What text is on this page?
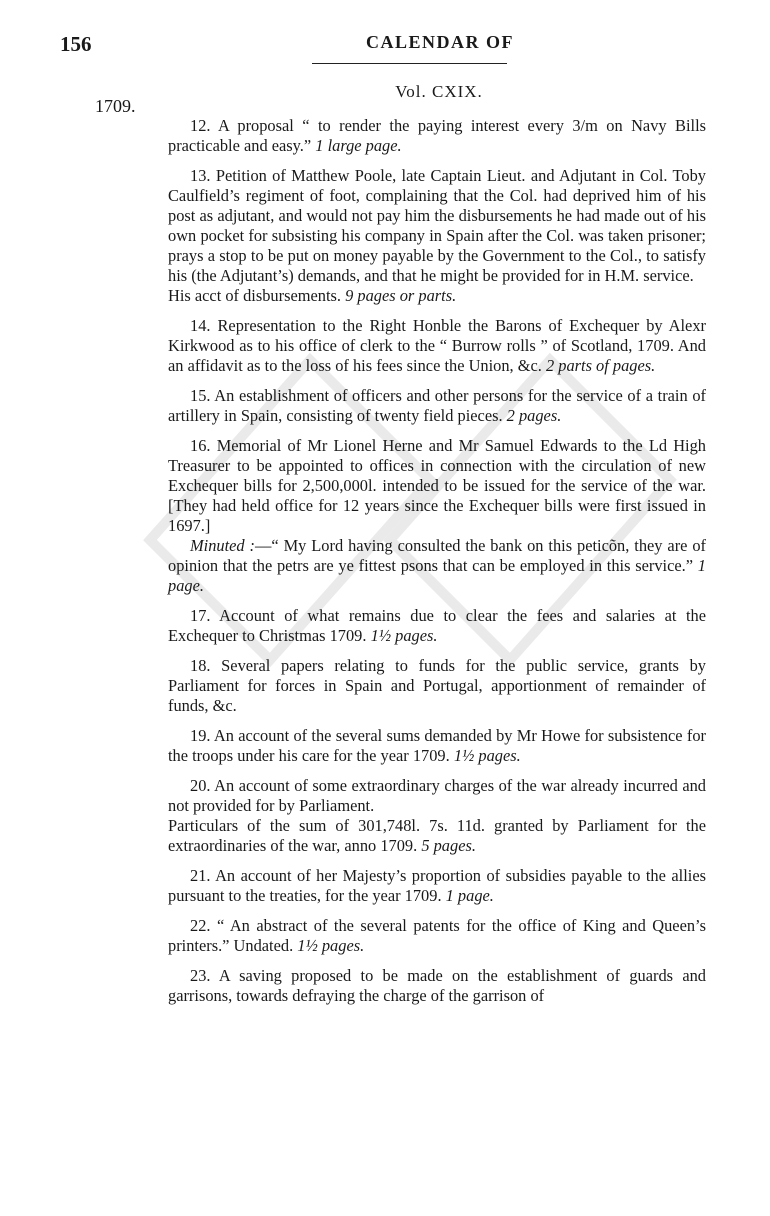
156	CALENDAR OF
Vol. CXIX.
1709.

12. A proposal “ to render the paying interest every 3/m on Navy Bills practicable and easy.” 1 large page.

13. Petition of Matthew Poole, late Captain Lieut. and Adjutant in Col. Toby Caulfield’s regiment of foot, complaining that the Col. had deprived him of his post as adjutant, and would not pay him the disbursements he had made out of his own pocket for subsisting his company in Spain after the Col. was taken prisoner; prays a stop to be put on money payable by the Government to the Col., to satisfy his (the Adjutant’s) demands, and that he might be provided for in H.M. service.

His acct of disbursements. 9 pages or parts.

14. Representation to the Right Honble the Barons of Exchequer by Alexr Kirkwood as to his office of clerk to the “ Burrow rolls ” of Scotland, 1709. And an affidavit as to the loss of his fees since the Union, &c. 2 parts of pages.

15. An establishment of officers and other persons for the service of a train of artillery in Spain, consisting of twenty field pieces. 2 pages.

16. Memorial of Mr Lionel Herne and Mr Samuel Edwards to the Ld High Treasurer to be appointed to offices in connection with the circulation of new Exchequer bills for 2,500,000l. intended to be issued for the service of the war. [They had held office for 12 years since the Exchequer bills were first issued in 1697.]

Minuted :—“ My Lord having consulted the bank on this peticõn, they are of opinion that the petrs are ye fittest psons that can be employed in this service.” 1 page.

17. Account of what remains due to clear the fees and salaries at the Exchequer to Christmas 1709. 1½ pages.

18. Several papers relating to funds for the public service, grants by Parliament for forces in Spain and Portugal, apportionment of remainder of funds, &c.

19. An account of the several sums demanded by Mr Howe for subsistence for the troops under his care for the year 1709. 1½ pages.

20. An account of some extraordinary charges of the war already incurred and not provided for by Parliament.

Particulars of the sum of 301,748l. 7s. 11d. granted by Parliament for the extraordinaries of the war, anno 1709. 5 pages.

21. An account of her Majesty’s proportion of subsidies payable to the allies pursuant to the treaties, for the year 1709. 1 page.

22. “ An abstract of the several patents for the office of King and Queen’s printers.” Undated. 1½ pages.

23. A saving proposed to be made on the establishment of guards and garrisons, towards defraying the charge of the garrison of
